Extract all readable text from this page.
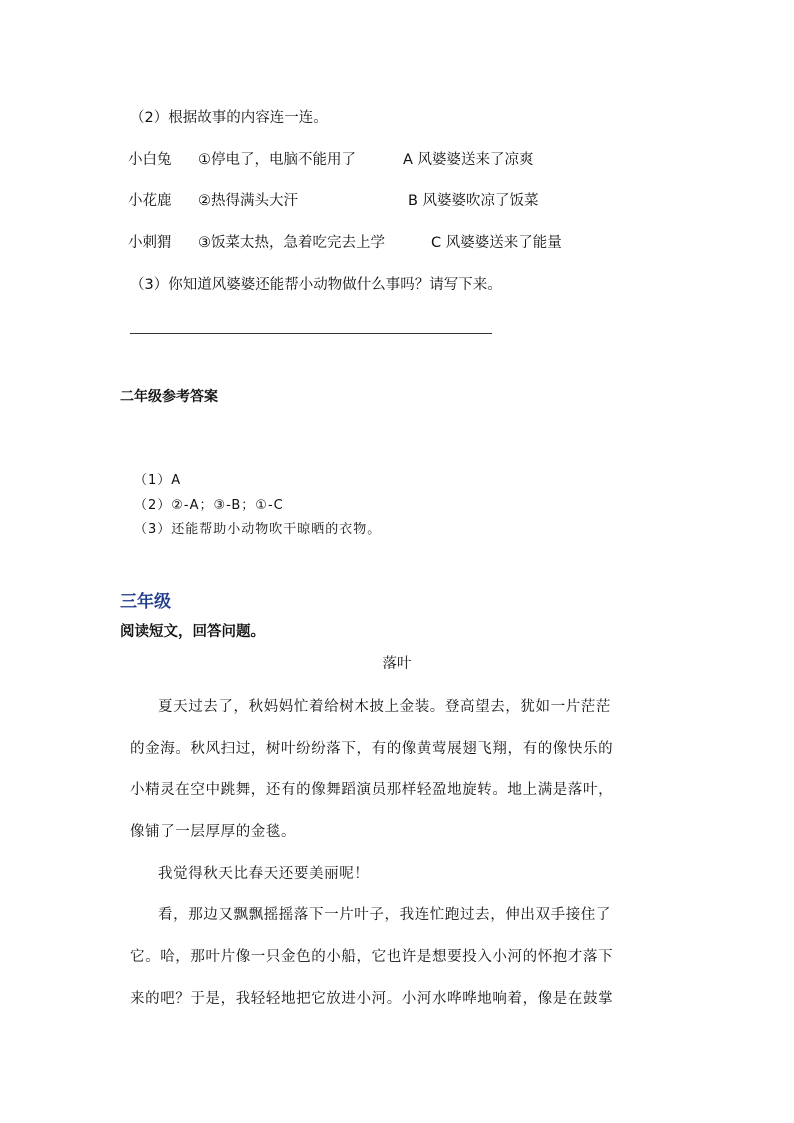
（2）根据故事的内容连一连。
小白兔 ①停电了，电脑不能用了	A 风婆婆送来了凉爽
小花鹿 ②热得满头大汗	B 风婆婆吹凉了饭菜
小刺猬 ③饭菜太热，急着吃完去上学	C 风婆婆送来了能量
（3）你知道风婆婆还能帮小动物做什么事吗？请写下来。
二年级参考答案
（1）A
（2）②-A；③-B；①-C
（3）还能帮助小动物吹干晾晒的衣物。
三年级
阅读短文，回答问题。
落叶
夏天过去了，秋妈妈忙着给树木披上金装。登高望去，犹如一片茫茫
的金海。秋风扫过，树叶纷纷落下，有的像黄莺展翅飞翔，有的像快乐的
小精灵在空中跳舞，还有的像舞蹈演员那样轻盈地旋转。地上满是落叶，
像铺了一层厚厚的金毯。
我觉得秋天比春天还要美丽呢！
看，那边又飘飘摇摇落下一片叶子，我连忙跑过去，伸出双手接住了
它。哈，那叶片像一只金色的小船，它也许是想要投入小河的怀抱才落下
来的吧？于是，我轻轻地把它放进小河。小河水哗哗地响着，像是在鼓掌
